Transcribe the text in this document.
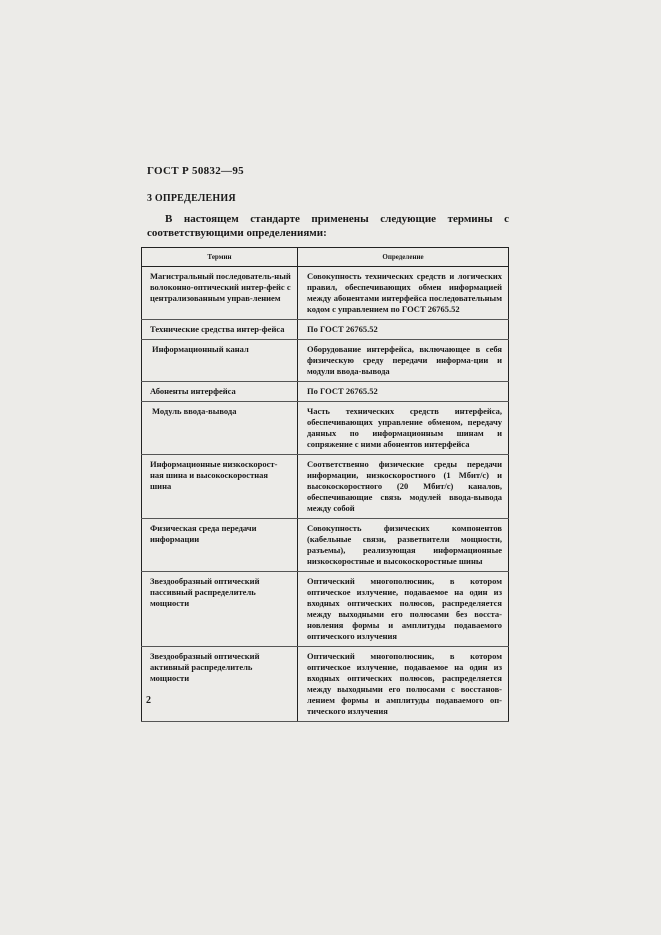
ГОСТ Р 50832—95
3 ОПРЕДЕЛЕНИЯ
В настоящем стандарте применены следующие термины с
соответствующими определениями:
Термин	Определение
Магистральный последователь-ный волоконно-оптический интер-фейс с централизованным управ-лением	Совокупность технических средств и логических правил, обеспечивающих обмен информацией между абонентами интерфейса последовательным кодом с управлением по ГОСТ 26765.52
Технические средства интер-фейса	По ГОСТ 26765.52
Информационный канал	Оборудование интерфейса, включающее в себя физическую среду передачи информа-ции и модули ввода-вывода
Абоненты интерфейса	По ГОСТ 26765.52
Модуль ввода-вывода	Часть технических средств интерфейса, обеспечивающих управление обменом, передачу данных по информационным шинам и сопряжение с ними абонентов интерфейса
Информационные низкоскорост-ная шина и высокоскоростная шина	Соответственно физические среды передачи информации, низкоскоростного (1 Мбит/с) и высокоскоростного (20 Мбит/с) каналов, обеспечивающие связь модулей ввода-вывода между собой
Физическая среда передачи информации	Совокупность физических компонентов (кабельные связи, разветвители мощности, разъемы), реализующая информационные низкоскоростные и высокоскоростные шины
Звездообразный оптический пассивный распределитель мощности	Оптический многополюсник, в котором оптическое излучение, подаваемое на один из входных оптических полюсов, распределяется между выходными его полюсами без восста-новления формы и амплитуды подаваемого оптического излучения
Звездообразный оптический активный распределитель мощности	Оптический многополюсник, в котором оптическое излучение, подаваемое на один из входных оптических полюсов, распределяется между выходными его полюсами с восстанов-лением формы и амплитуды подаваемого оп-тического излучения
2
